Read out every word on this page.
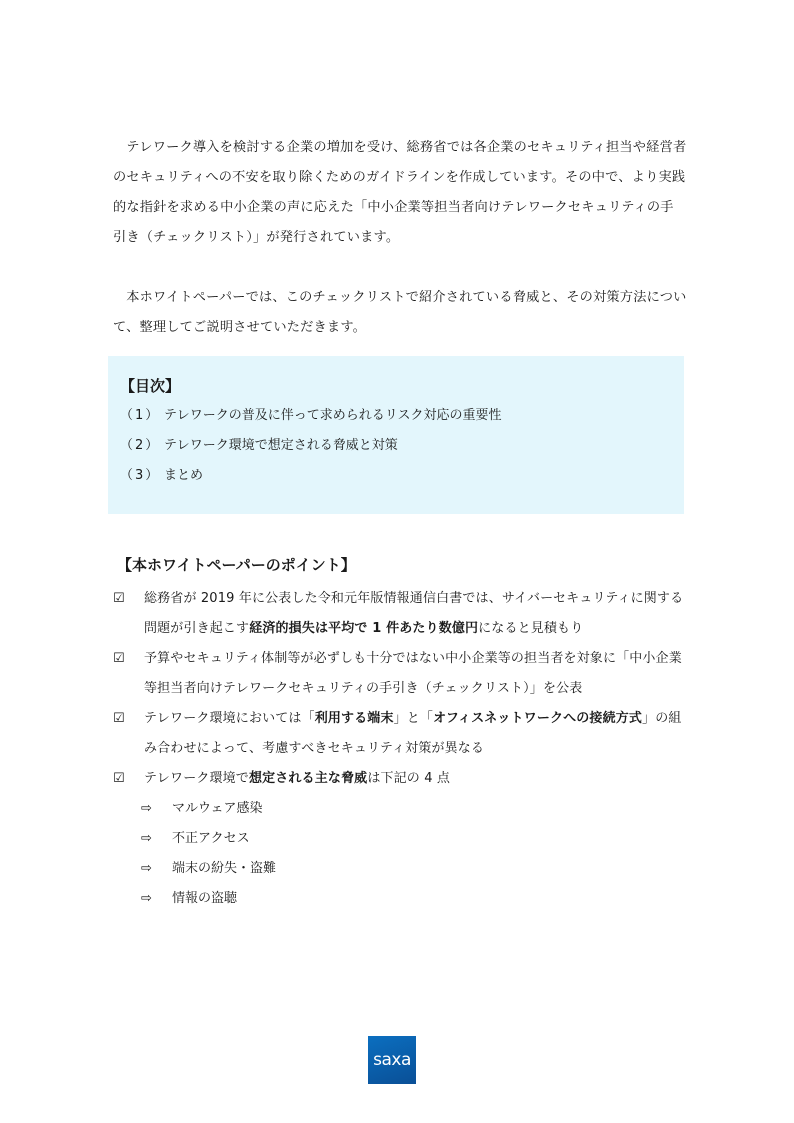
テレワーク導入を検討する企業の増加を受け、総務省では各企業のセキュリティ担当や経営者のセキュリティへの不安を取り除くためのガイドラインを作成しています。その中で、より実践的な指針を求める中小企業の声に応えた「中小企業等担当者向けテレワークセキュリティの手引き（チェックリスト）」が発行されています。

本ホワイトペーパーでは、このチェックリストで紹介されている脅威と、その対策方法について、整理してご説明させていただきます。

【目次】
（1） テレワークの普及に伴って求められるリスク対応の重要性
（2） テレワーク環境で想定される脅威と対策
（3） まとめ
【本ホワイトペーパーのポイント】
☑	総務省が 2019 年に公表した令和元年版情報通信白書では、サイバーセキュリティに関する問題が引き起こす経済的損失は平均で 1 件あたり数億円になると見積もり
☑	予算やセキュリティ体制等が必ずしも十分ではない中小企業等の担当者を対象に「中小企業等担当者向けテレワークセキュリティの手引き（チェックリスト）」を公表
☑	テレワーク環境においては「利用する端末」と「オフィスネットワークへの接続方式」の組み合わせによって、考慮すべきセキュリティ対策が異なる
☑	テレワーク環境で想定される主な脅威は下記の 4 点
⇨ マルウェア感染
⇨ 不正アクセス
⇨ 端末の紛失・盗難
⇨ 情報の盗聴
saxa
